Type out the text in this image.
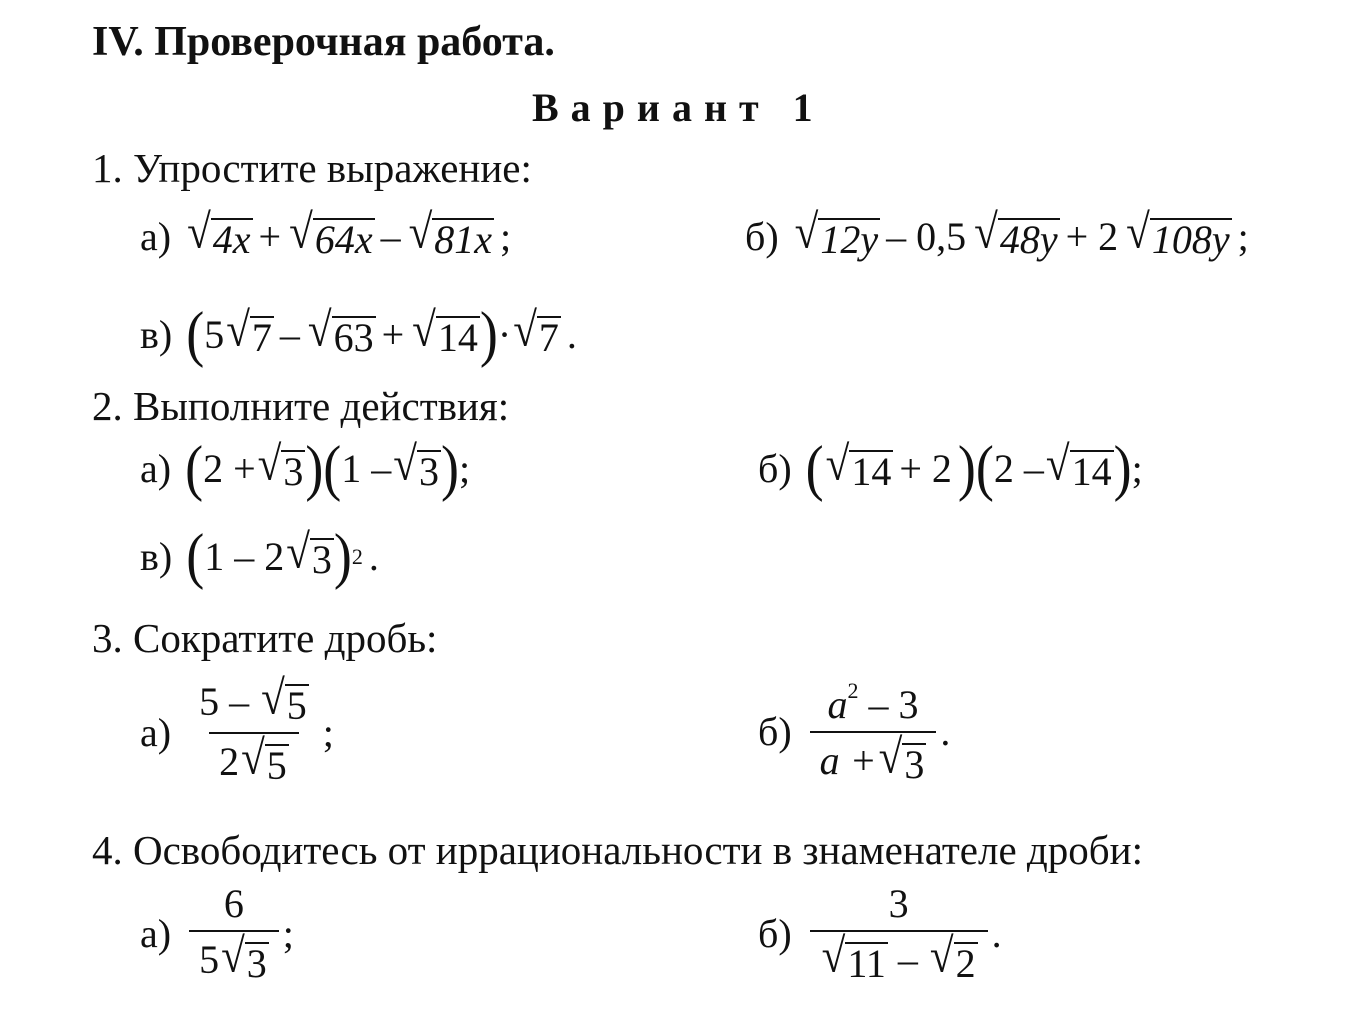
IV. Проверочная работа.
Вариант 1
1. Упростите выражение:
а) √ 4x + √ 64x – √ 81x ;	б) √ 12y – 0,5 √ 48y + 2 √ 108y ;
в) ( 5 √ 7 – √ 63 + √ 14 ) · √ 7 .
2. Выполните действия:
а) ( 2 + √ 3 )( 1 – √ 3 ) ;	б) ( √ 14 + 2 )( 2 – √ 14 ) ;
в) ( 1 – 2 √ 3 ) 2 .
3. Сократите дробь:
$а) \frac{5 - √ 5}{2 √ 5}$ ;	$б) \frac{a^2 - 3}{a + √ 3}$ .
4. Освободитесь от иррациональности в знаменателе дроби:
$а) \frac{6}{5 √ 3}$ ;	$б) \frac{3}{√ 11 - √ 2}$ .
